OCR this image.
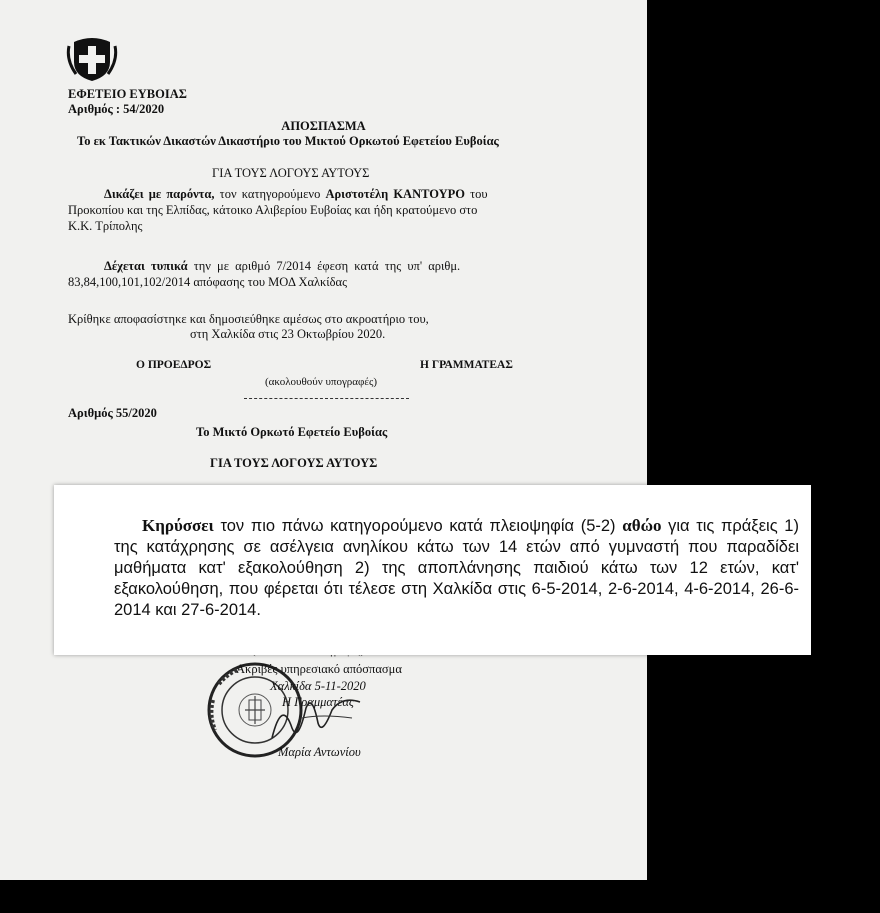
ΕΦΕΤΕΙΟ ΕΥΒΟΙΑΣ
Αριθμός : 54/2020
ΑΠΟΣΠΑΣΜΑ
Το εκ Τακτικών Δικαστών Δικαστήριο του Μικτού Ορκωτού Εφετείου Ευβοίας
ΓΙΑ ΤΟΥΣ ΛΟΓΟΥΣ ΑΥΤΟΥΣ
Δικάζει με παρόντα, τον κατηγορούμενο Αριστοτέλη ΚΑΝΤΟΥΡΟ του
Προκοπίου και της Ελπίδας, κάτοικο Αλιβερίου Ευβοίας και ήδη κρατούμενο στο
Κ.Κ. Τρίπολης
Δέχεται τυπικά την με αριθμό 7/2014 έφεση κατά της υπ' αριθμ.
83,84,100,101,102/2014 απόφασης του ΜΟΔ Χαλκίδας
Κρίθηκε αποφασίστηκε και δημοσιεύθηκε αμέσως στο ακροατήριο του,
στη Χαλκίδα στις 23 Οκτωβρίου 2020.
Ο ΠΡΟΕΔΡΟΣ	Η ΓΡΑΜΜΑΤΕΑΣ
(ακολουθούν υπογραφές)
Αριθμός 55/2020
Το Μικτό Ορκωτό Εφετείο Ευβοίας
ΓΙΑ ΤΟΥΣ ΛΟΓΟΥΣ ΑΥΤΟΥΣ
Ακριβές υπηρεσιακό απόσπασμα
Χαλκίδα 5-11-2020
Η Γραμματέας
Μαρία Αντωνίου
Κηρύσσει τον πιο πάνω κατηγορούμενο κατά πλειοψηφία (5-2) αθώο για τις πράξεις 1) της κατάχρησης σε ασέλγεια ανηλίκου κάτω των 14 ετών από γυμναστή που παραδίδει μαθήματα κατ' εξακολούθηση 2) της αποπλάνησης παιδιού κάτω των 12 ετών, κατ' εξακολούθηση, που φέρεται ότι τέλεσε στη Χαλκίδα στις 6-5-2014, 2-6-2014, 4-6-2014, 26-6-2014 και 27-6-2014.
